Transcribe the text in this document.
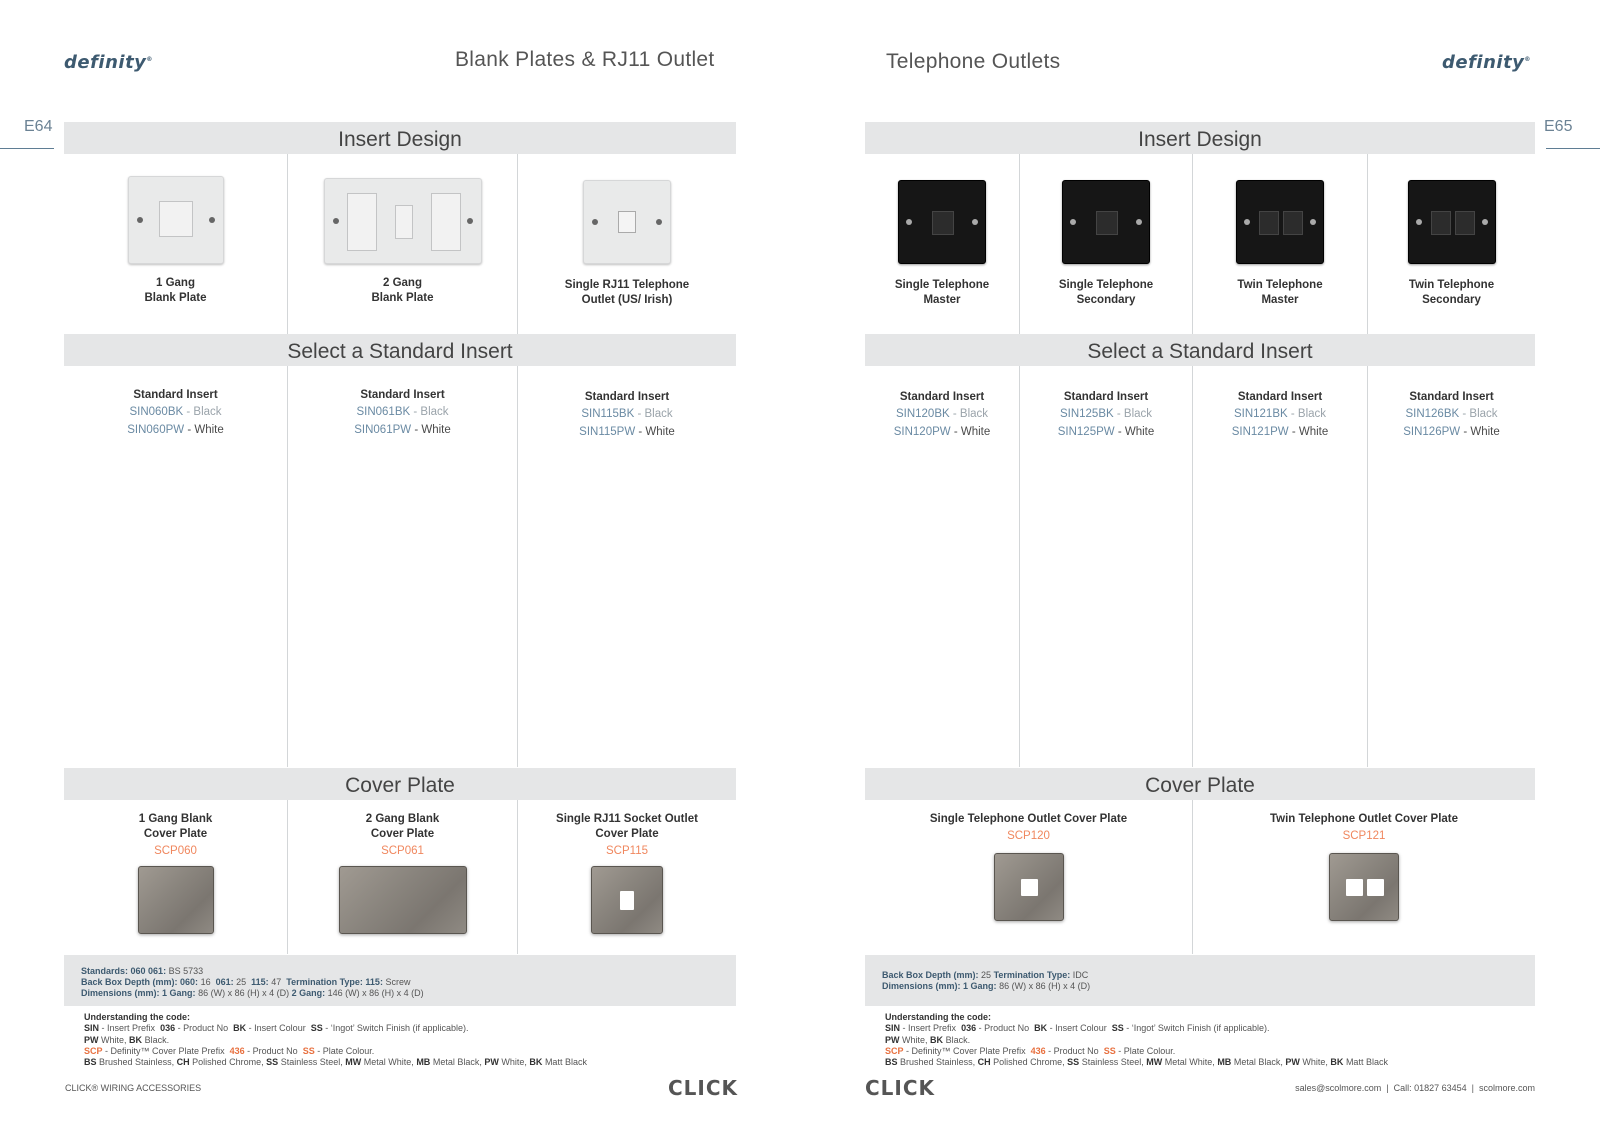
definity®	Blank Plates & RJ11 Outlet
E64
Insert Design
1 Gang
Blank Plate
2 Gang
Blank Plate
Single RJ11 Telephone
Outlet (US/ Irish)
Select a Standard Insert
Standard Insert
SIN060BK - Black
SIN060PW - White
Standard Insert
SIN061BK - Black
SIN061PW - White
Standard Insert
SIN115BK - Black
SIN115PW - White
Cover Plate
1 Gang Blank
Cover Plate
SCP060
2 Gang Blank
Cover Plate
SCP061
Single RJ11 Socket Outlet
Cover Plate
SCP115
Standards: 060 061: BS 5733
Back Box Depth (mm): 060: 16 061: 25 115: 47 Termination Type: 115: Screw
Dimensions (mm): 1 Gang: 86 (W) x 86 (H) x 4 (D) 2 Gang: 146 (W) x 86 (H) x 4 (D)
Understanding the code:
SIN - Insert Prefix 036 - Product No BK - Insert Colour SS - ‘Ingot’ Switch Finish (if applicable).
PW White, BK Black.
SCP - Definity™ Cover Plate Prefix 436 - Product No SS - Plate Colour.
BS Brushed Stainless, CH Polished Chrome, SS Stainless Steel, MW Metal White, MB Metal Black, PW White, BK Matt Black
CLICK® WIRING ACCESSORIES	CLICK
Telephone Outlets	definity®
E65
Insert Design
Single Telephone
Master
Single Telephone
Secondary
Twin Telephone
Master
Twin Telephone
Secondary
Select a Standard Insert
Standard Insert
SIN120BK - Black
SIN120PW - White
Standard Insert
SIN125BK - Black
SIN125PW - White
Standard Insert
SIN121BK - Black
SIN121PW - White
Standard Insert
SIN126BK - Black
SIN126PW - White
Cover Plate
Single Telephone Outlet Cover Plate
SCP120
Twin Telephone Outlet Cover Plate
SCP121
Back Box Depth (mm): 25 Termination Type: IDC
Dimensions (mm): 1 Gang: 86 (W) x 86 (H) x 4 (D)
Understanding the code:
SIN - Insert Prefix 036 - Product No BK - Insert Colour SS - ‘Ingot’ Switch Finish (if applicable).
PW White, BK Black.
SCP - Definity™ Cover Plate Prefix 436 - Product No SS - Plate Colour.
BS Brushed Stainless, CH Polished Chrome, SS Stainless Steel, MW Metal White, MB Metal Black, PW White, BK Matt Black
CLICK	sales@scolmore.com  |  Call: 01827 63454  |  scolmore.com
